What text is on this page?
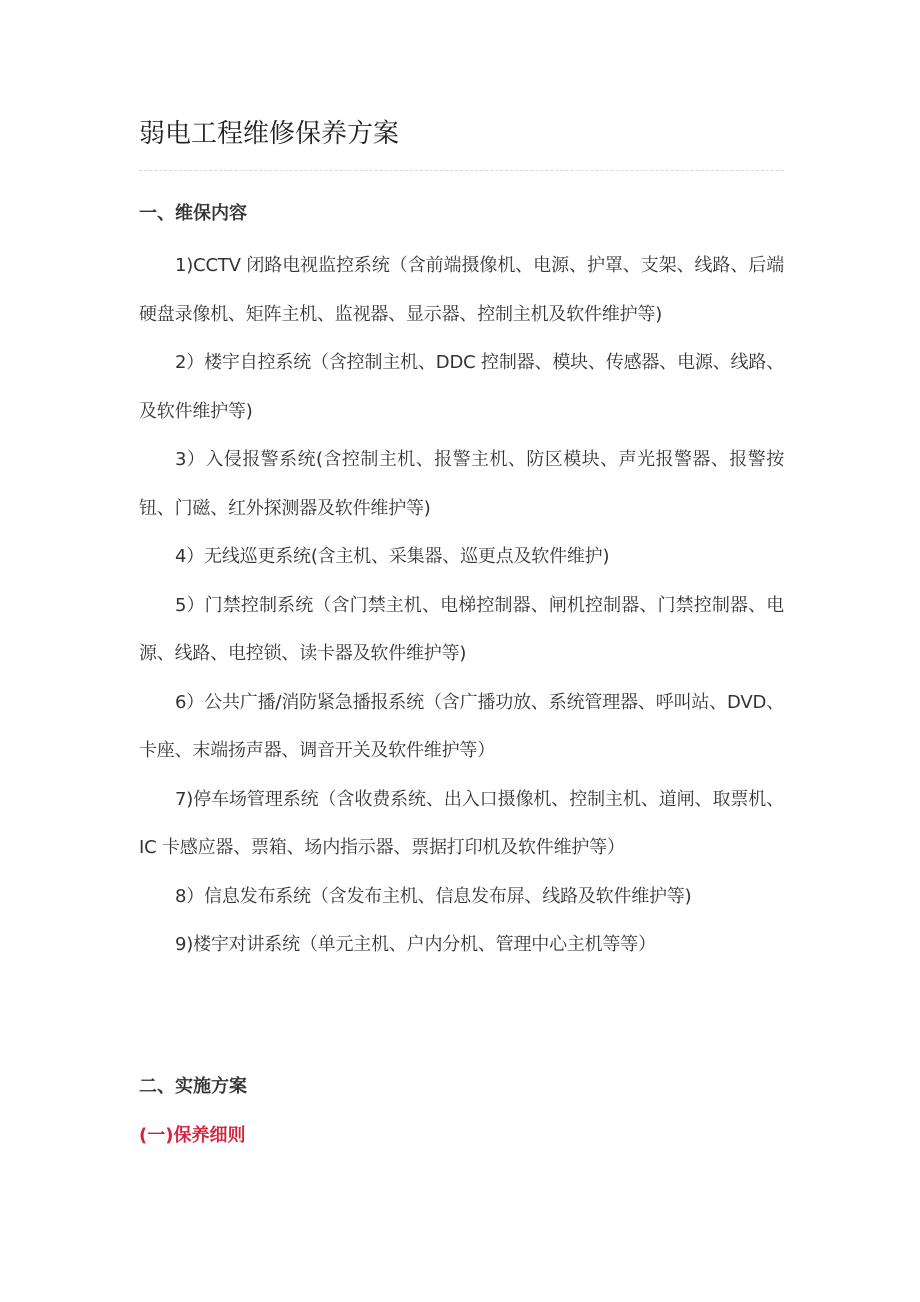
弱电工程维修保养方案
一、维保内容
1)CCTV 闭路电视监控系统（含前端摄像机、电源、护罩、支架、线路、后端硬盘录像机、矩阵主机、监视器、显示器、控制主机及软件维护等)
2）楼宇自控系统（含控制主机、DDC 控制器、模块、传感器、电源、线路、及软件维护等)
3）入侵报警系统(含控制主机、报警主机、防区模块、声光报警器、报警按钮、门磁、红外探测器及软件维护等)
4）无线巡更系统(含主机、采集器、巡更点及软件维护)
5）门禁控制系统（含门禁主机、电梯控制器、闸机控制器、门禁控制器、电源、线路、电控锁、读卡器及软件维护等)
6）公共广播/消防紧急播报系统（含广播功放、系统管理器、呼叫站、DVD、卡座、末端扬声器、调音开关及软件维护等）
7)停车场管理系统（含收费系统、出入口摄像机、控制主机、道闸、取票机、IC 卡感应器、票箱、场内指示器、票据打印机及软件维护等）
8）信息发布系统（含发布主机、信息发布屏、线路及软件维护等)
9)楼宇对讲系统（单元主机、户内分机、管理中心主机等等）
二、实施方案
(一)保养细则
